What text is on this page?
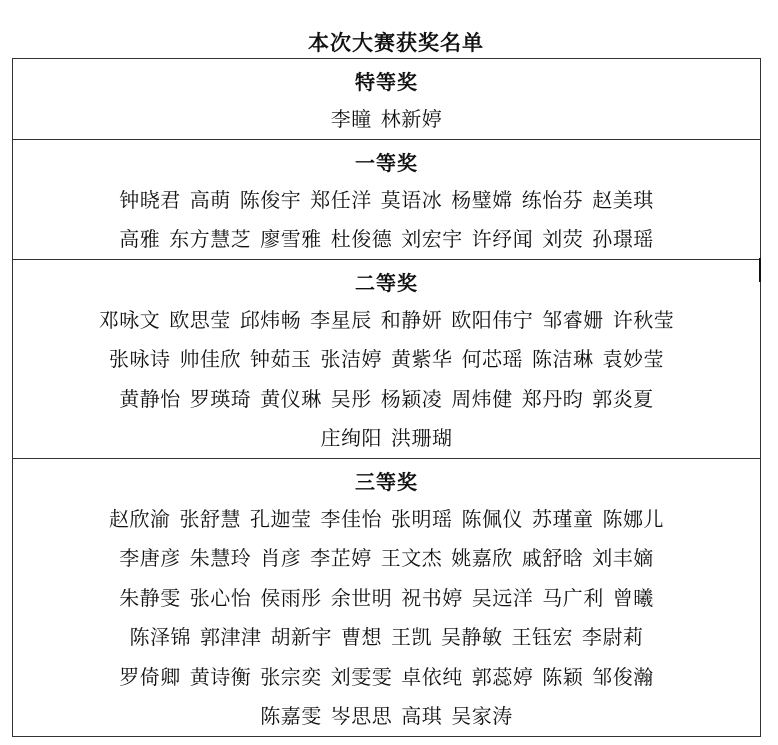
本次大赛获奖名单
特等奖
李瞳 林新婷
一等奖
钟晓君 高萌 陈俊宇 郑任洋 莫语冰 杨璧嫦 练怡芬 赵美琪
高雅 东方慧芝 廖雪雅 杜俊德 刘宏宇 许纾闻 刘荧 孙璟瑶
二等奖
邓咏文 欧思莹 邱炜畅 李星辰 和静妍 欧阳伟宁 邹睿姗 许秋莹
张咏诗 帅佳欣 钟茹玉 张洁婷 黄紫华 何芯瑶 陈洁琳 袁妙莹
黄静怡 罗瑛琦 黄仪琳 吴彤 杨颖凌 周炜健 郑丹昀 郭炎夏
庄绚阳 洪珊瑚
三等奖
赵欣渝 张舒慧 孔迦莹 李佳怡 张明瑶 陈佩仪 苏瑾童 陈娜儿
李唐彦 朱慧玲 肖彦 李芷婷 王文杰 姚嘉欣 戚舒晗 刘丰嫡
朱静雯 张心怡 侯雨彤 余世明 祝书婷 吴远洋 马广利 曾曦
陈泽锦 郭津津 胡新宇 曹想 王凯 吴静敏 王钰宏 李尉莉
罗倚卿 黄诗衡 张宗奕 刘雯雯 卓依纯 郭蕊婷 陈颖 邹俊瀚
陈嘉雯 岑思思 高琪 吴家涛
